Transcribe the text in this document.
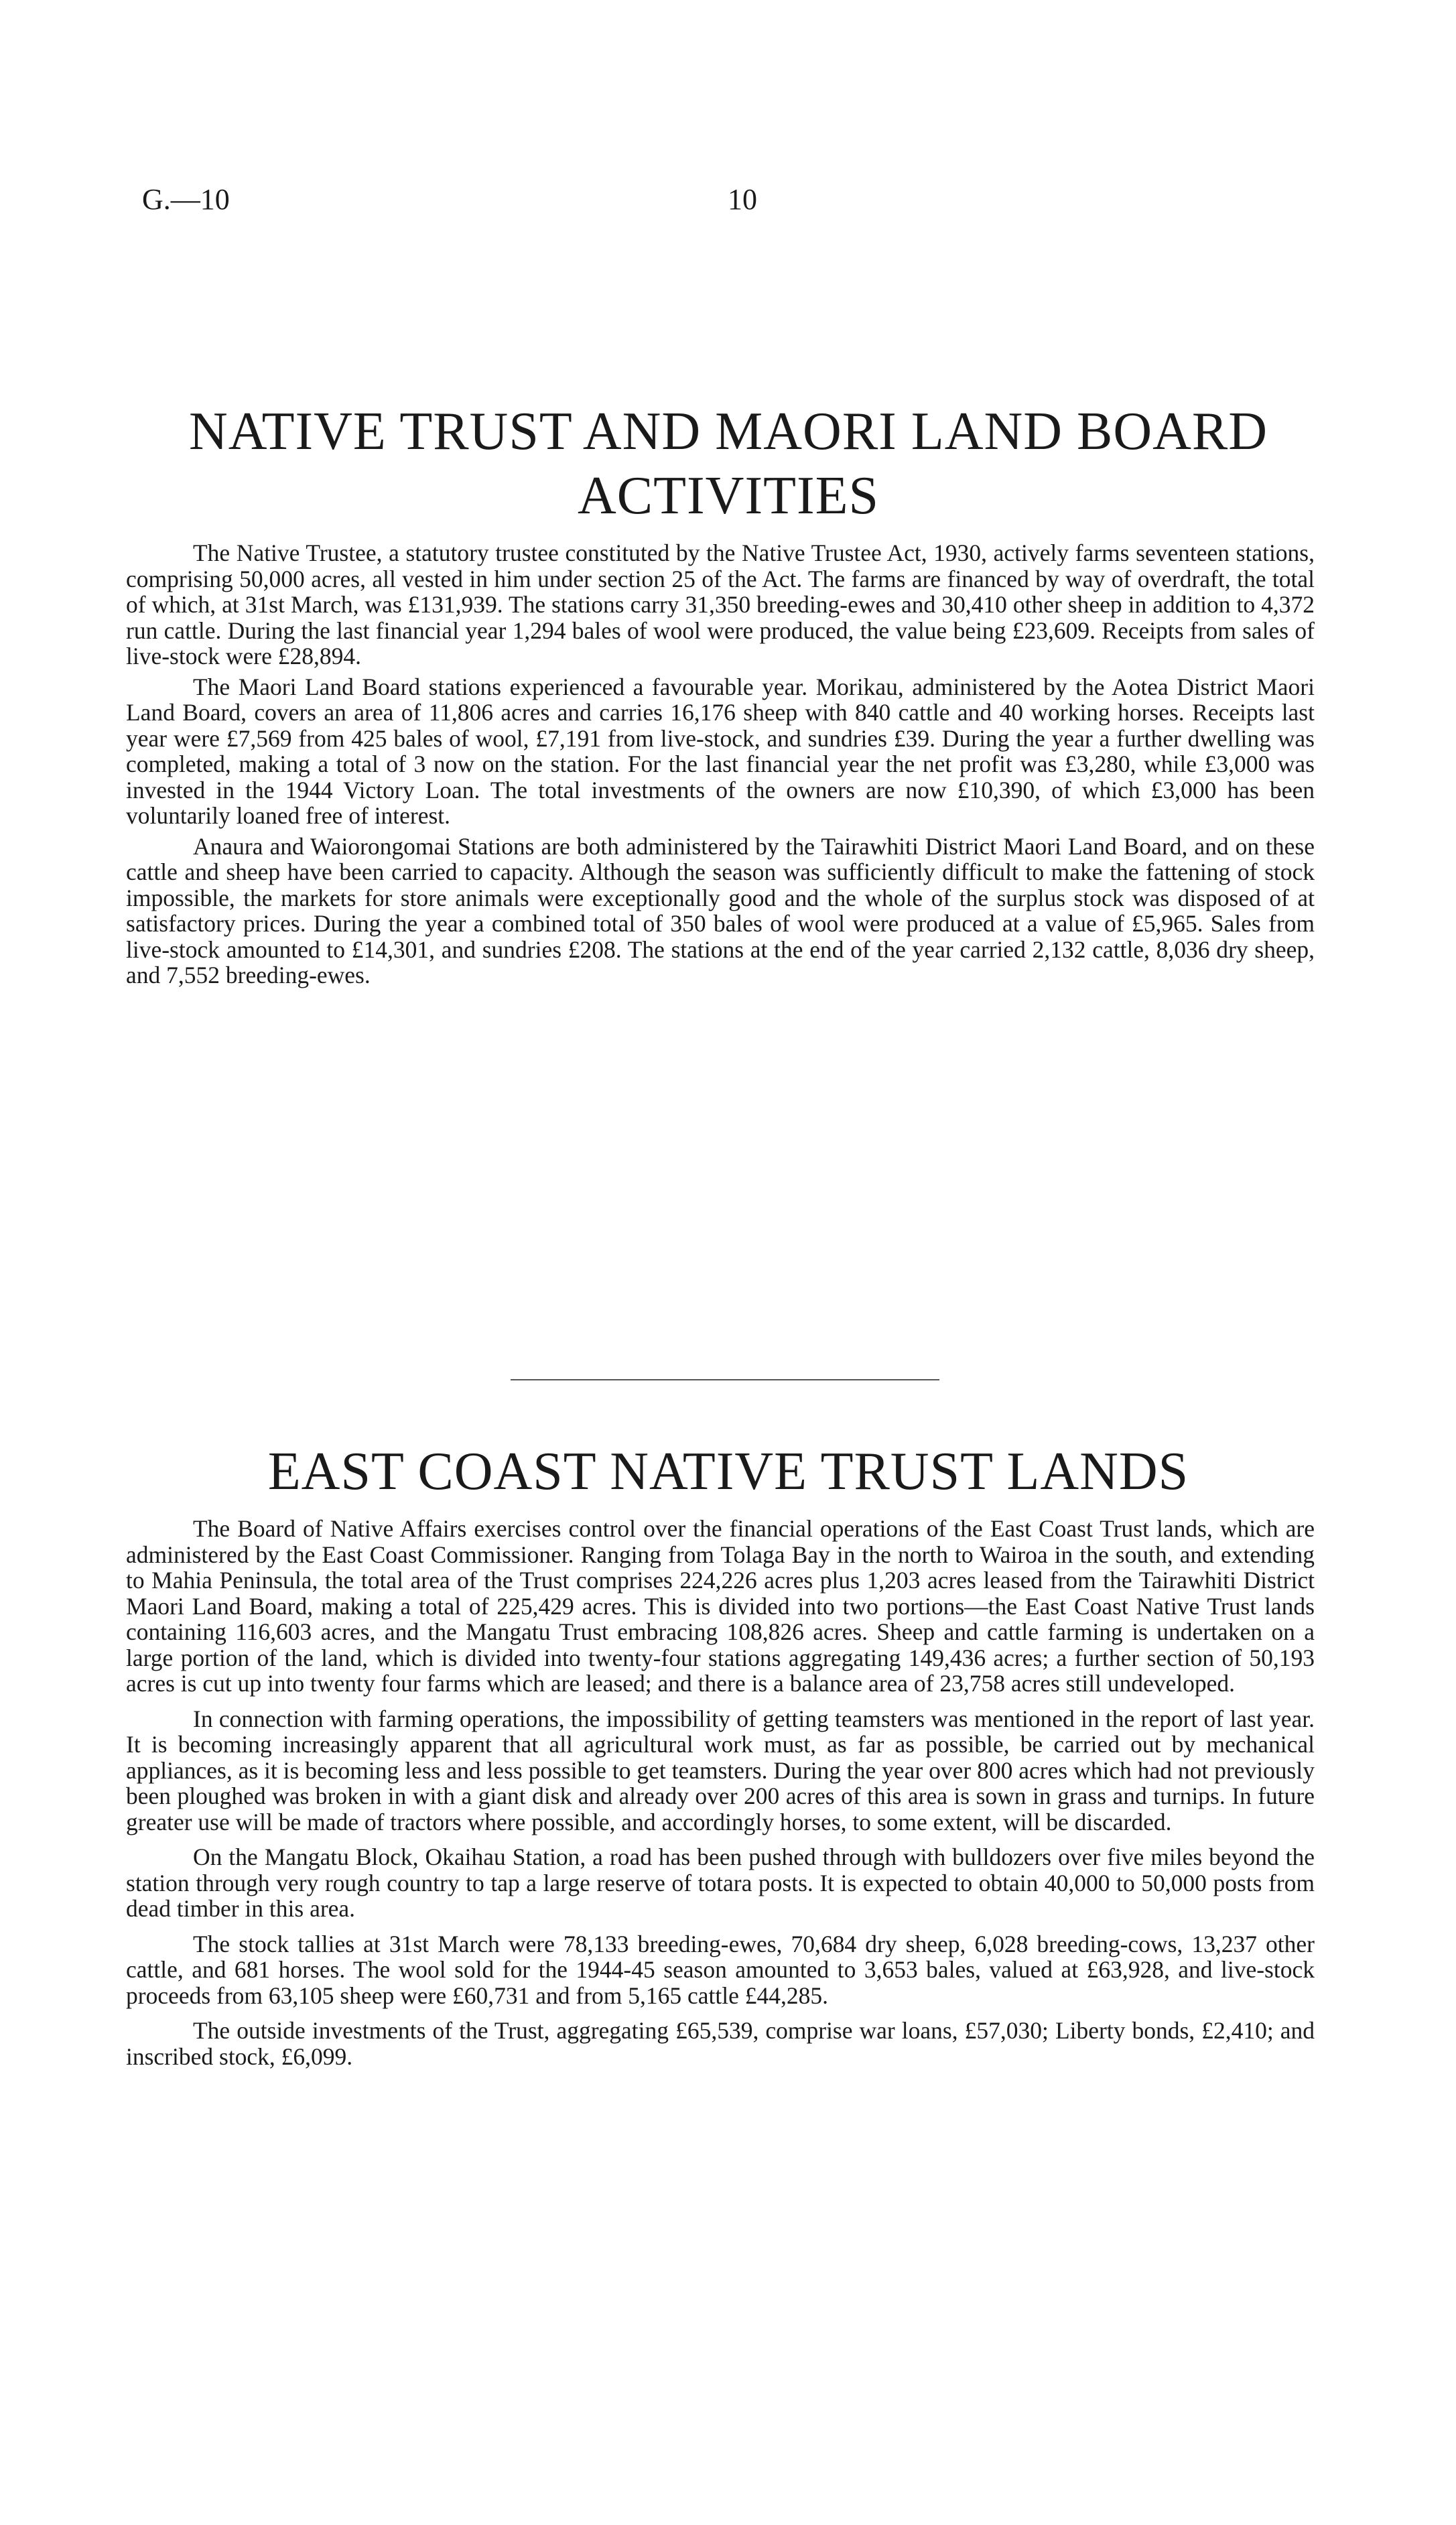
G.—10	10
NATIVE TRUST AND MAORI LAND BOARD
ACTIVITIES

The Native Trustee, a statutory trustee constituted by the Native Trustee Act, 1930, actively farms seventeen stations, comprising 50,000 acres, all vested in him under section 25 of the Act. The farms are financed by way of overdraft, the total of which, at 31st March, was £131,939. The stations carry 31,350 breeding-ewes and 30,410 other sheep in addition to 4,372 run cattle. During the last financial year 1,294 bales of wool were produced, the value being £23,609. Receipts from sales of live-stock were £28,894.

The Maori Land Board stations experienced a favourable year. Morikau, administered by the Aotea District Maori Land Board, covers an area of 11,806 acres and carries 16,176 sheep with 840 cattle and 40 working horses. Receipts last year were £7,569 from 425 bales of wool, £7,191 from live-stock, and sundries £39. During the year a further dwelling was completed, making a total of 3 now on the station. For the last financial year the net profit was £3,280, while £3,000 was invested in the 1944 Victory Loan. The total investments of the owners are now £10,390, of which £3,000 has been voluntarily loaned free of interest.

Anaura and Waiorongomai Stations are both administered by the Tairawhiti District Maori Land Board, and on these cattle and sheep have been carried to capacity. Although the season was sufficiently difficult to make the fattening of stock impossible, the markets for store animals were exceptionally good and the whole of the surplus stock was disposed of at satisfactory prices. During the year a combined total of 350 bales of wool were produced at a value of £5,965. Sales from live-stock amounted to £14,301, and sundries £208. The stations at the end of the year carried 2,132 cattle, 8,036 dry sheep, and 7,552 breeding-ewes.

EAST COAST NATIVE TRUST LANDS

The Board of Native Affairs exercises control over the financial operations of the East Coast Trust lands, which are administered by the East Coast Commissioner. Ranging from Tolaga Bay in the north to Wairoa in the south, and extending to Mahia Peninsula, the total area of the Trust comprises 224,226 acres plus 1,203 acres leased from the Tairawhiti District Maori Land Board, making a total of 225,429 acres. This is divided into two portions—the East Coast Native Trust lands containing 116,603 acres, and the Mangatu Trust embracing 108,826 acres. Sheep and cattle farming is undertaken on a large portion of the land, which is divided into twenty-four stations aggregating 149,436 acres; a further section of 50,193 acres is cut up into twenty four farms which are leased; and there is a balance area of 23,758 acres still undeveloped.

In connection with farming operations, the impossibility of getting teamsters was mentioned in the report of last year. It is becoming increasingly apparent that all agricultural work must, as far as possible, be carried out by mechanical appliances, as it is becoming less and less possible to get teamsters. During the year over 800 acres which had not previously been ploughed was broken in with a giant disk and already over 200 acres of this area is sown in grass and turnips. In future greater use will be made of tractors where possible, and accordingly horses, to some extent, will be discarded.

On the Mangatu Block, Okaihau Station, a road has been pushed through with bulldozers over five miles beyond the station through very rough country to tap a large reserve of totara posts. It is expected to obtain 40,000 to 50,000 posts from dead timber in this area.

The stock tallies at 31st March were 78,133 breeding-ewes, 70,684 dry sheep, 6,028 breeding-cows, 13,237 other cattle, and 681 horses. The wool sold for the 1944-45 season amounted to 3,653 bales, valued at £63,928, and live-stock proceeds from 63,105 sheep were £60,731 and from 5,165 cattle £44,285.

The outside investments of the Trust, aggregating £65,539, comprise war loans, £57,030; Liberty bonds, £2,410; and inscribed stock, £6,099.
